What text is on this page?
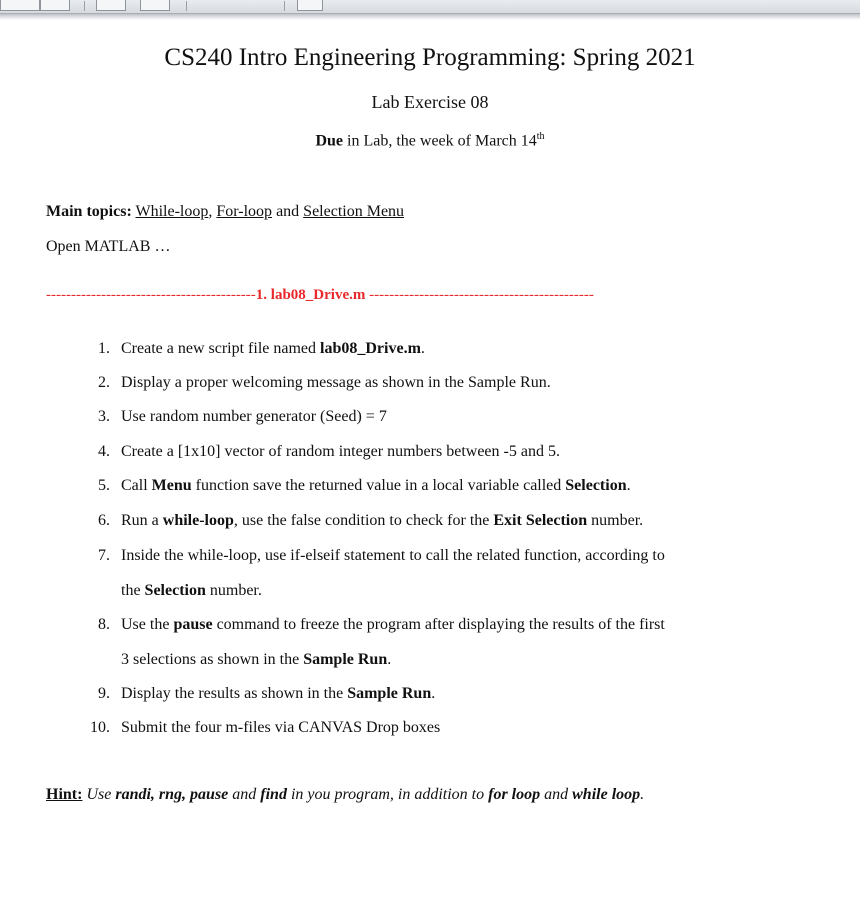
CS240 Intro Engineering Programming: Spring 2021
Lab Exercise 08
Due in Lab, the week of March 14th
Main topics: While-loop, For-loop and Selection Menu
Open MATLAB …
------------------------------------------1. lab08_Drive.m ---------------------------------------------
1. Create a new script file named lab08_Drive.m.
2. Display a proper welcoming message as shown in the Sample Run.
3. Use random number generator (Seed) = 7
4. Create a [1x10] vector of random integer numbers between -5 and 5.
5. Call Menu function save the returned value in a local variable called Selection.
6. Run a while-loop, use the false condition to check for the Exit Selection number.
7. Inside the while-loop, use if-elseif statement to call the related function, according to
the Selection number.
8. Use the pause command to freeze the program after displaying the results of the first
3 selections as shown in the Sample Run.
9. Display the results as shown in the Sample Run.
10. Submit the four m-files via CANVAS Drop boxes
Hint: Use randi, rng, pause and find in you program, in addition to for loop and while loop.
